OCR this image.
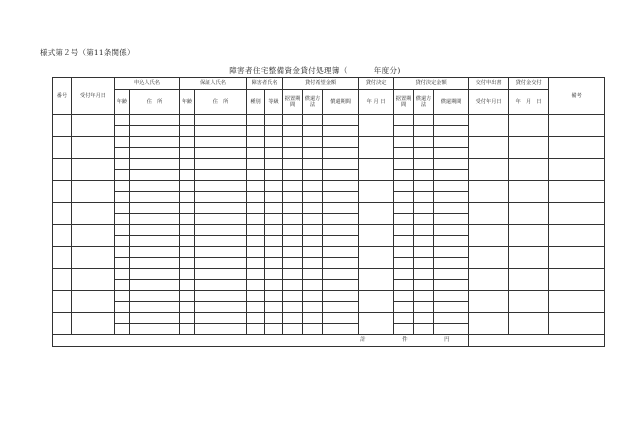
様式第２号（第11条関係）
障害者住宅整備資金貸付処理簿（	年度分)
番号	受付年月日	申込人氏名		保証人氏名		障害者氏名		貸付希望金額			貸付決定	貸付決定金額			交付申出書	貸付金交付	備考
		年齢	住　所	年齢	住　所	種別	等級	据置期間	償還方法	償還期間	年 月 日	据置期間	償還方法	償還期間	受付年月日	年　月　日	

計 件 円																	
